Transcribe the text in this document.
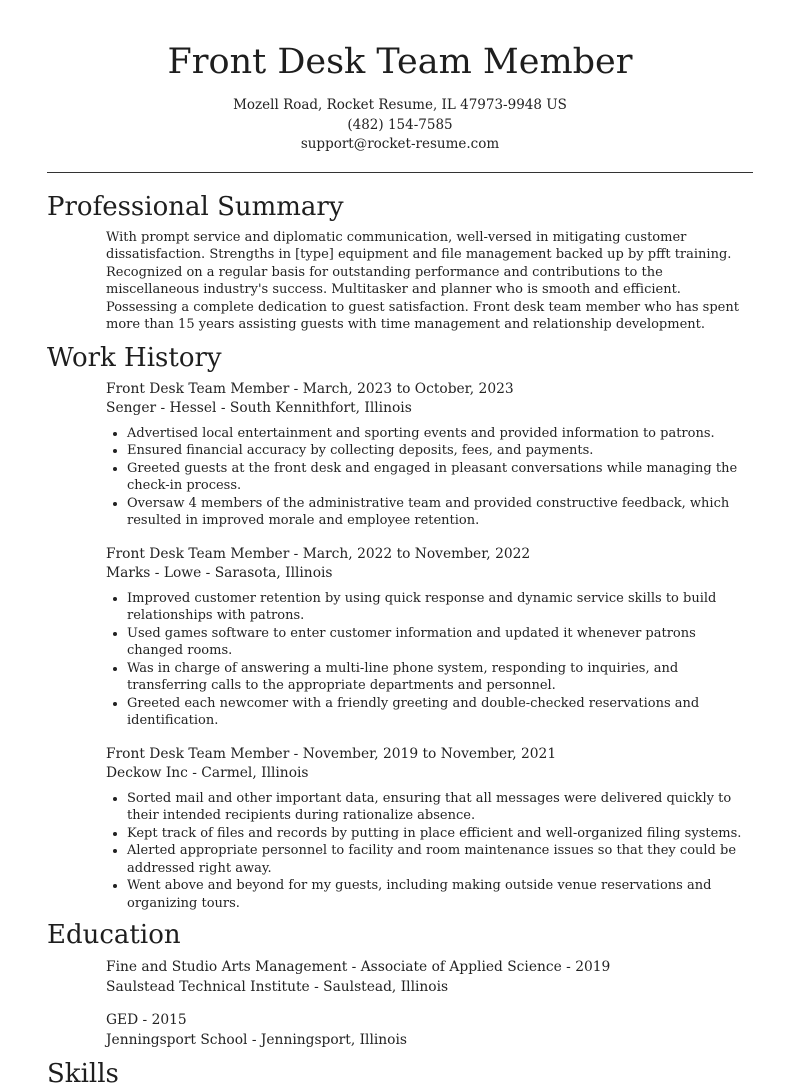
Front Desk Team Member
Mozell Road, Rocket Resume, IL 47973-9948 US
(482) 154-7585
support@rocket-resume.com
Professional Summary
With prompt service and diplomatic communication, well-versed in mitigating customer dissatisfaction. Strengths in [type] equipment and file management backed up by pfft training. Recognized on a regular basis for outstanding performance and contributions to the miscellaneous industry's success. Multitasker and planner who is smooth and efficient. Possessing a complete dedication to guest satisfaction. Front desk team member who has spent more than 15 years assisting guests with time management and relationship development.
Work History
Front Desk Team Member - March, 2023 to October, 2023
Senger - Hessel - South Kennithfort, Illinois
• Advertised local entertainment and sporting events and provided information to patrons.
• Ensured financial accuracy by collecting deposits, fees, and payments.
• Greeted guests at the front desk and engaged in pleasant conversations while managing the check-in process.
• Oversaw 4 members of the administrative team and provided constructive feedback, which resulted in improved morale and employee retention.
Front Desk Team Member - March, 2022 to November, 2022
Marks - Lowe - Sarasota, Illinois
• Improved customer retention by using quick response and dynamic service skills to build relationships with patrons.
• Used games software to enter customer information and updated it whenever patrons changed rooms.
• Was in charge of answering a multi-line phone system, responding to inquiries, and transferring calls to the appropriate departments and personnel.
• Greeted each newcomer with a friendly greeting and double-checked reservations and identification.
Front Desk Team Member - November, 2019 to November, 2021
Deckow Inc - Carmel, Illinois
• Sorted mail and other important data, ensuring that all messages were delivered quickly to their intended recipients during rationalize absence.
• Kept track of files and records by putting in place efficient and well-organized filing systems.
• Alerted appropriate personnel to facility and room maintenance issues so that they could be addressed right away.
• Went above and beyond for my guests, including making outside venue reservations and organizing tours.
Education
Fine and Studio Arts Management - Associate of Applied Science - 2019
Saulstead Technical Institute - Saulstead, Illinois
GED - 2015
Jenningsport School - Jenningsport, Illinois
Skills
